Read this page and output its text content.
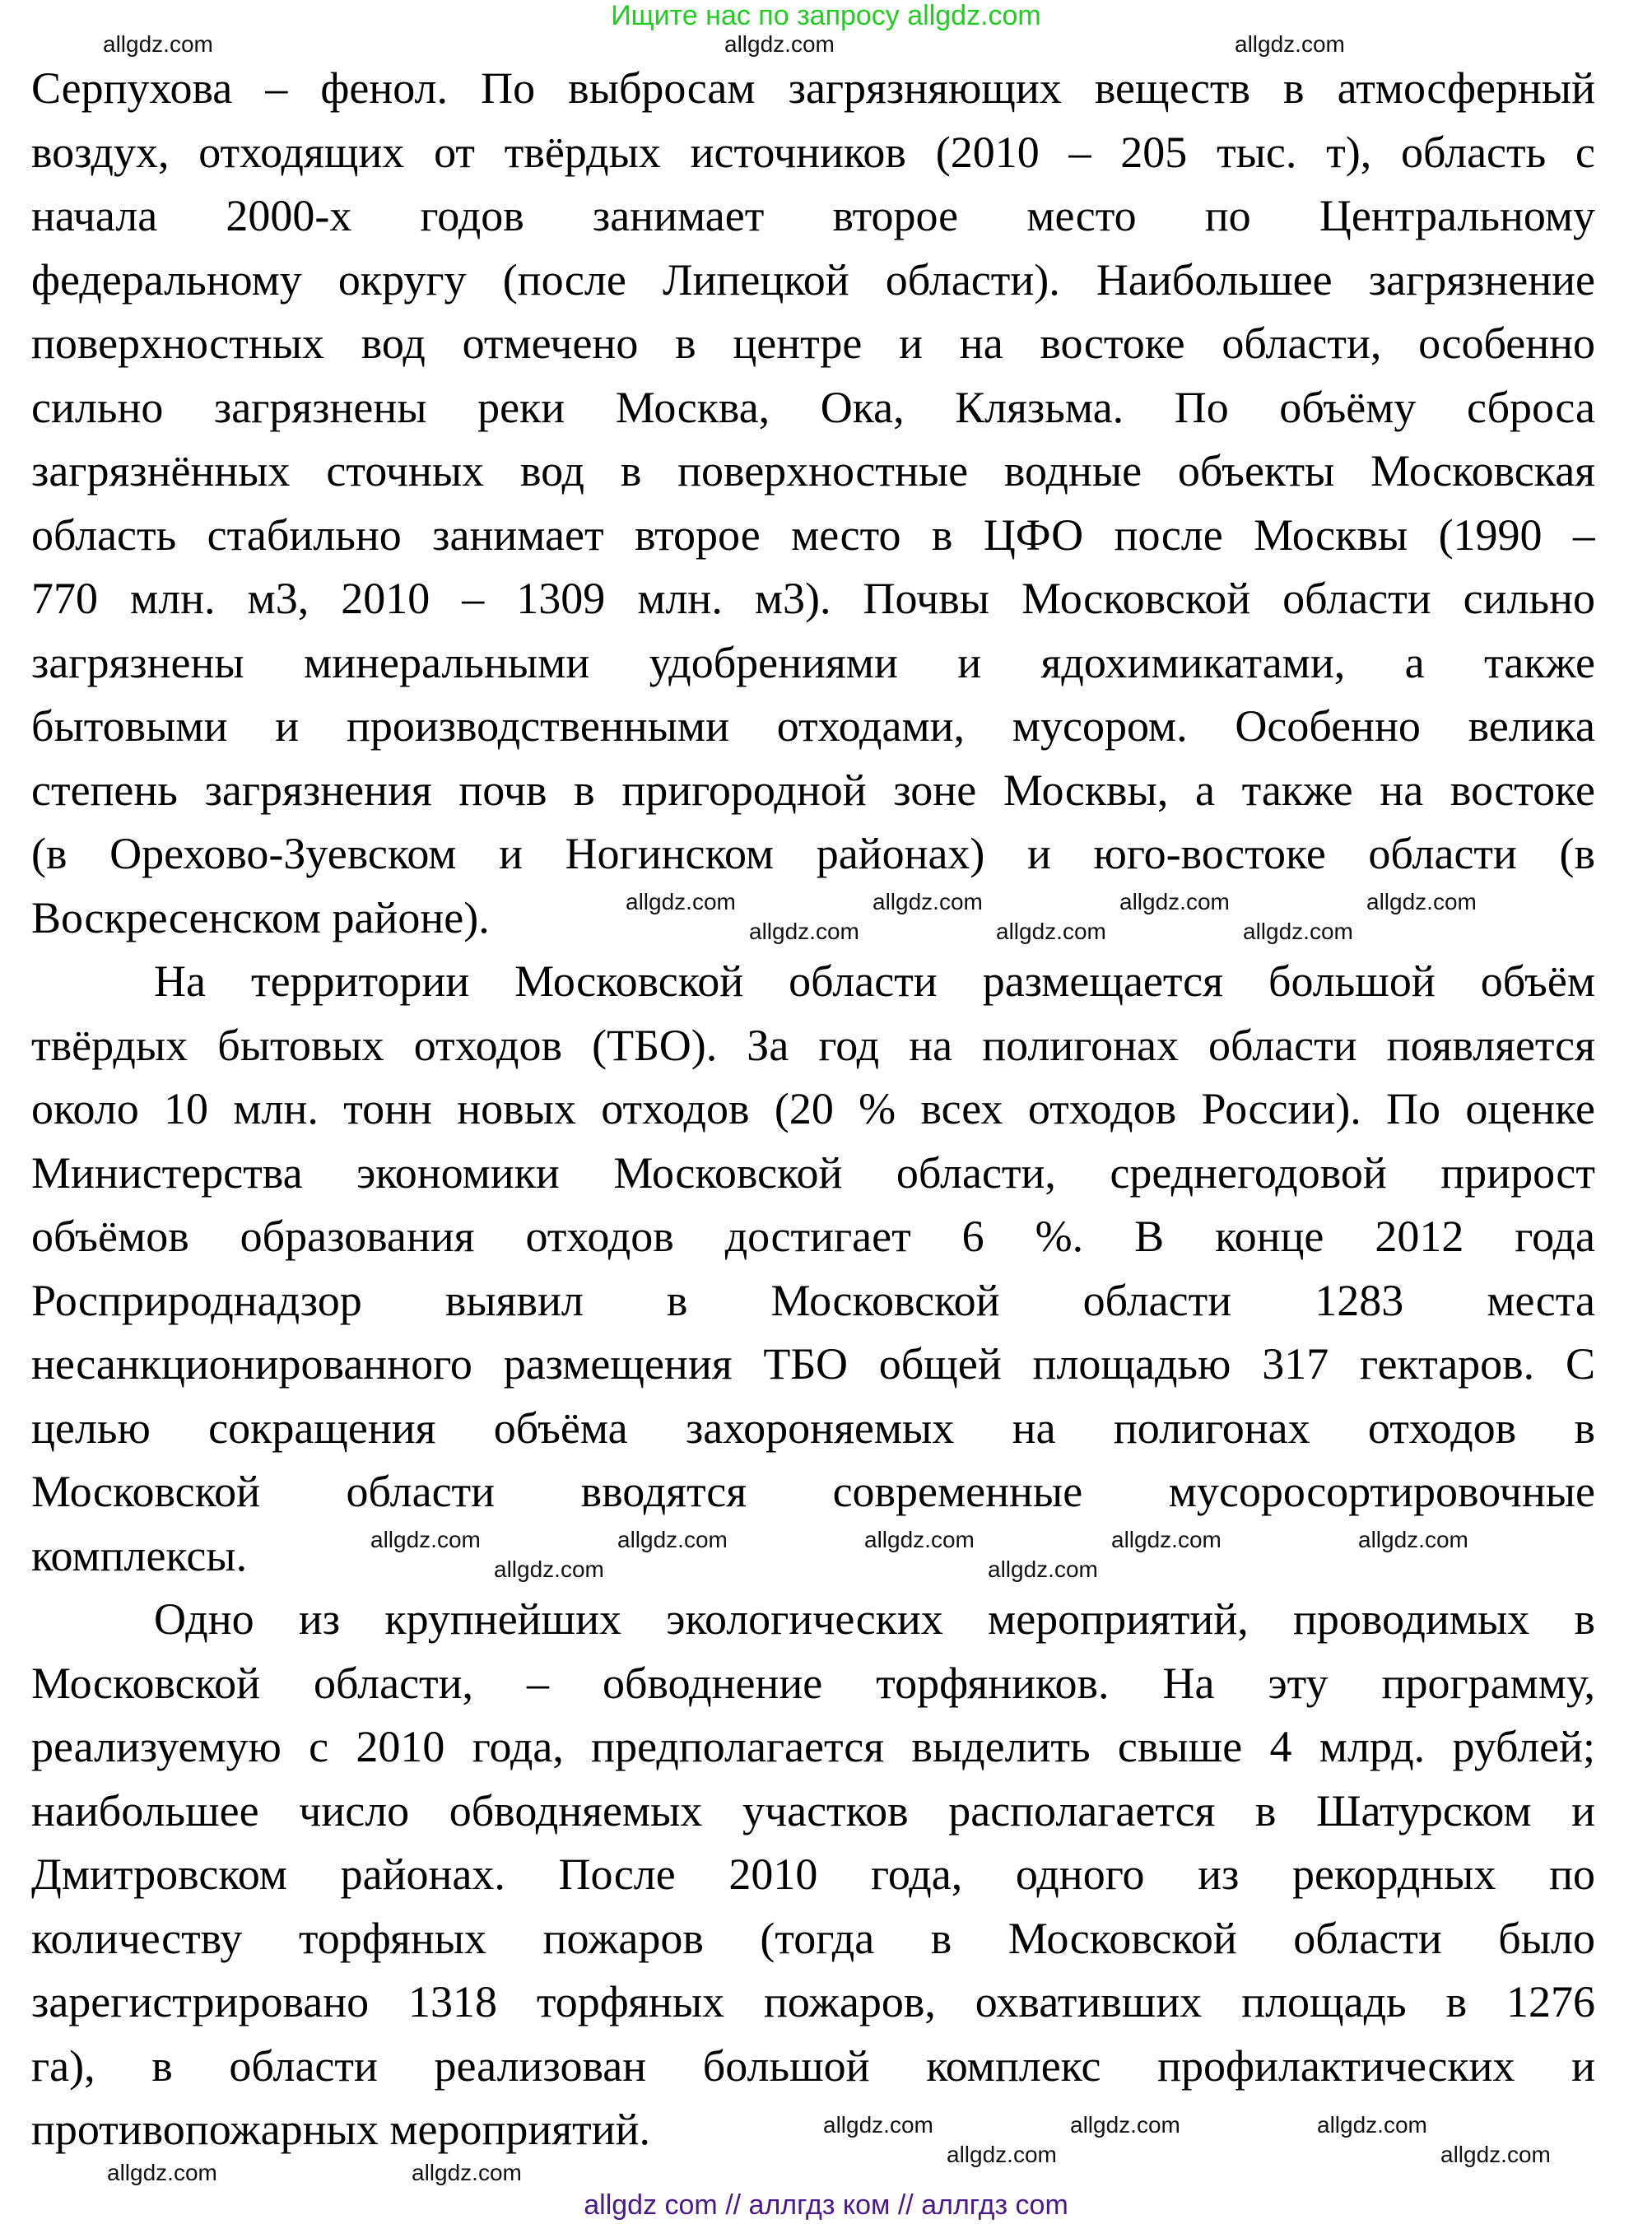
Ищите нас по запросу allgdz.com
Серпухова – фенол. По выбросам загрязняющих веществ в атмосферный
воздух, отходящих от твёрдых источников (2010 – 205 тыс. т), область с
начала 2000-х годов занимает второе место по Центральному
федеральному округу (после Липецкой области). Наибольшее загрязнение
поверхностных вод отмечено в центре и на востоке области, особенно
сильно загрязнены реки Москва, Ока, Клязьма. По объёму сброса
загрязнённых сточных вод в поверхностные водные объекты Московская
область стабильно занимает второе место в ЦФО после Москвы (1990 –
770 млн. м3, 2010 – 1309 млн. м3). Почвы Московской области сильно
загрязнены минеральными удобрениями и ядохимикатами, а также
бытовыми и производственными отходами, мусором. Особенно велика
степень загрязнения почв в пригородной зоне Москвы, а также на востоке
(в Орехово-Зуевском и Ногинском районах) и юго-востоке области (в
Воскресенском районе).
На территории Московской области размещается большой объём
твёрдых бытовых отходов (ТБО). За год на полигонах области появляется
около 10 млн. тонн новых отходов (20 % всех отходов России). По оценке
Министерства экономики Московской области, среднегодовой прирост
объёмов образования отходов достигает 6 %. В конце 2012 года
Росприроднадзор выявил в Московской области 1283 места
несанкционированного размещения ТБО общей площадью 317 гектаров. С
целью сокращения объёма захороняемых на полигонах отходов в
Московской области вводятся современные мусоросортировочные
комплексы.
Одно из крупнейших экологических мероприятий, проводимых в
Московской области, – обводнение торфяников. На эту программу,
реализуемую с 2010 года, предполагается выделить свыше 4 млрд. рублей;
наибольшее число обводняемых участков располагается в Шатурском и
Дмитровском районах. После 2010 года, одного из рекордных по
количеству торфяных пожаров (тогда в Московской области было
зарегистрировано 1318 торфяных пожаров, охвативших площадь в 1276
га), в области реализован большой комплекс профилактических и
противопожарных мероприятий.
allgdz.com	allgdz.com	allgdz.com
allgdz.com	allgdz.com	allgdz.com	allgdz.com
allgdz.com	allgdz.com	allgdz.com
allgdz.com	allgdz.com	allgdz.com	allgdz.com	allgdz.com
allgdz.com	allgdz.com
allgdz.com	allgdz.com	allgdz.com
allgdz.com	allgdz.com
allgdz.com	allgdz.com
allgdz com // аллгдз ком // аллгдз com
